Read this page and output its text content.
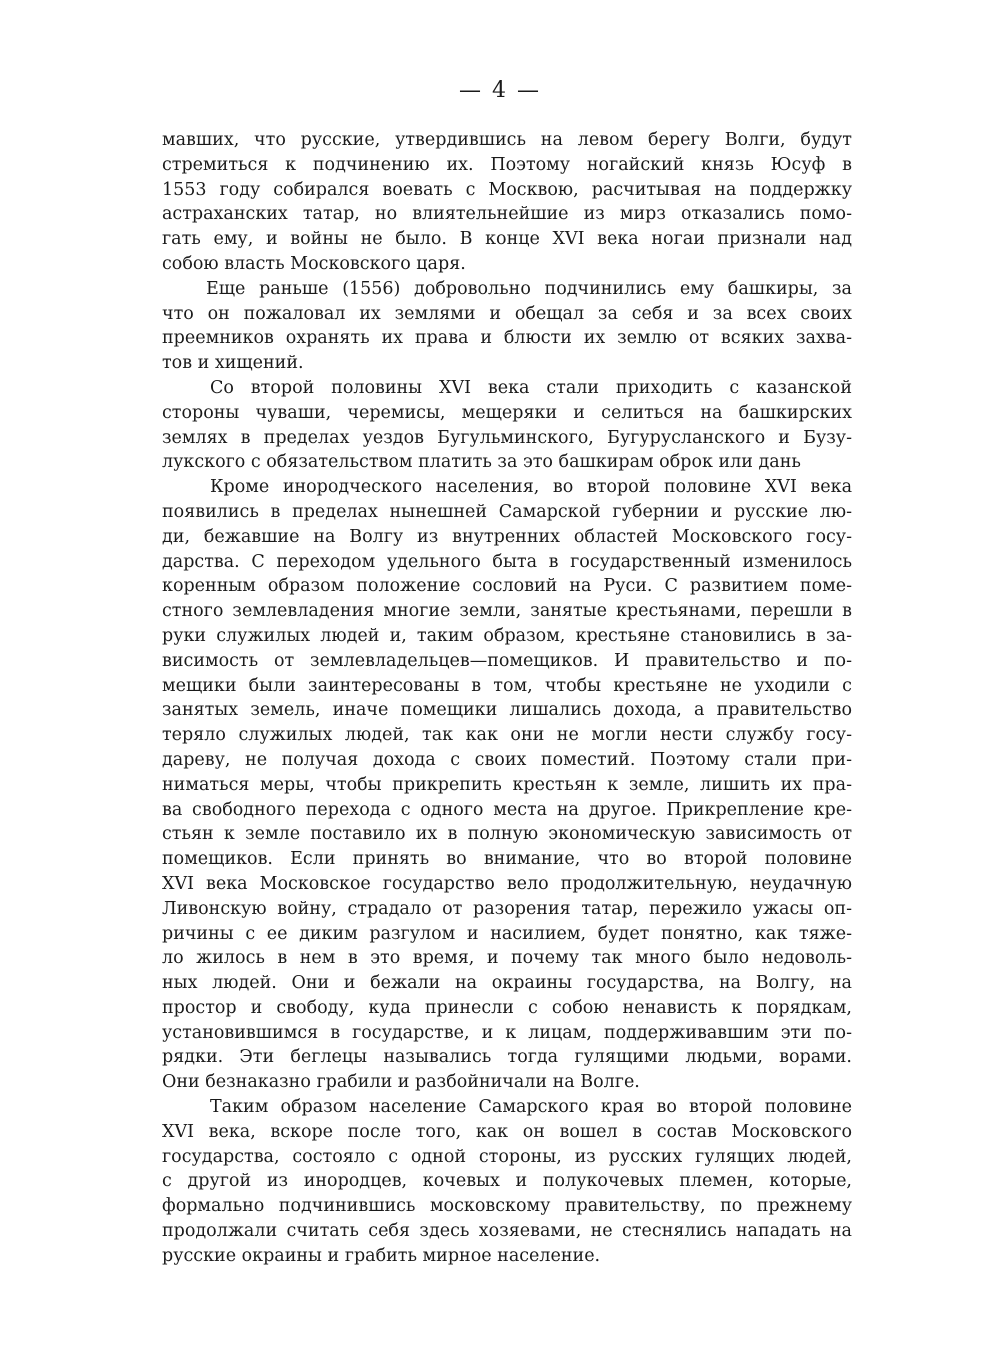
— 4 —
мавших, что русские, утвердившись на левом берегу Волги, будут
стремиться к подчинению их. Поэтому ногайский князь Юсуф в
1553 году собирался воевать с Москвою, расчитывая на поддержку
астраханских татар, но влиятельнейшие из мирз отказались помо-
гать ему, и войны не было. В конце XVI века ногаи признали над
собою власть Московского царя.
Еще раньше (1556) добровольно подчинились ему башкиры, за
что он пожаловал их землями и обещал за себя и за всех своих
преемников охранять их права и блюсти их землю от всяких захва-
тов и хищений.
Со второй половины XVI века стали приходить с казанской
стороны чуваши, черемисы, мещеряки и селиться на башкирских
землях в пределах уездов Бугульминского, Бугурусланского и Бузу-
лукского с обязательством платить за это башкирам оброк или дань
Кроме инородческого населения, во второй половине XVI века
появились в пределах нынешней Самарской губернии и русские лю-
ди, бежавшие на Волгу из внутренних областей Московского госу-
дарства. С переходом удельного быта в государственный изменилось
коренным образом положение сословий на Руси. С развитием поме-
стного землевладения многие земли, занятые крестьянами, перешли в
руки служилых людей и, таким образом, крестьяне становились в за-
висимость от землевладельцев—помещиков. И правительство и по-
мещики были заинтересованы в том, чтобы крестьяне не уходили с
занятых земель, иначе помещики лишались дохода, а правительство
теряло служилых людей, так как они не могли нести службу госу-
дареву, не получая дохода с своих поместий. Поэтому стали при-
ниматься меры, чтобы прикрепить крестьян к земле, лишить их пра-
ва свободного перехода с одного места на другое. Прикрепление кре-
стьян к земле поставило их в полную экономическую зависимость от
помещиков. Если принять во внимание, что во второй половине
XVI века Московское государство вело продолжительную, неудачную
Ливонскую войну, страдало от разорения татар, пережило ужасы оп-
ричины с ее диким разгулом и насилием, будет понятно, как тяже-
ло жилось в нем в это время, и почему так много было недоволь-
ных людей. Они и бежали на окраины государства, на Волгу, на
простор и свободу, куда принесли с собою ненависть к порядкам,
установившимся в государстве, и к лицам, поддерживавшим эти по-
рядки. Эти беглецы назывались тогда гулящими людьми, ворами.
Они безнаказно грабили и разбойничали на Волге.
Таким образом население Самарского края во второй половине
XVI века, вскоре после того, как он вошел в состав Московского
государства, состояло с одной стороны, из русских гулящих людей,
с другой из инородцев, кочевых и полукочевых племен, которые,
формально подчинившись московскому правительству, по прежнему
продолжали считать себя здесь хозяевами, не стеснялись нападать на
русские окраины и грабить мирное население.
